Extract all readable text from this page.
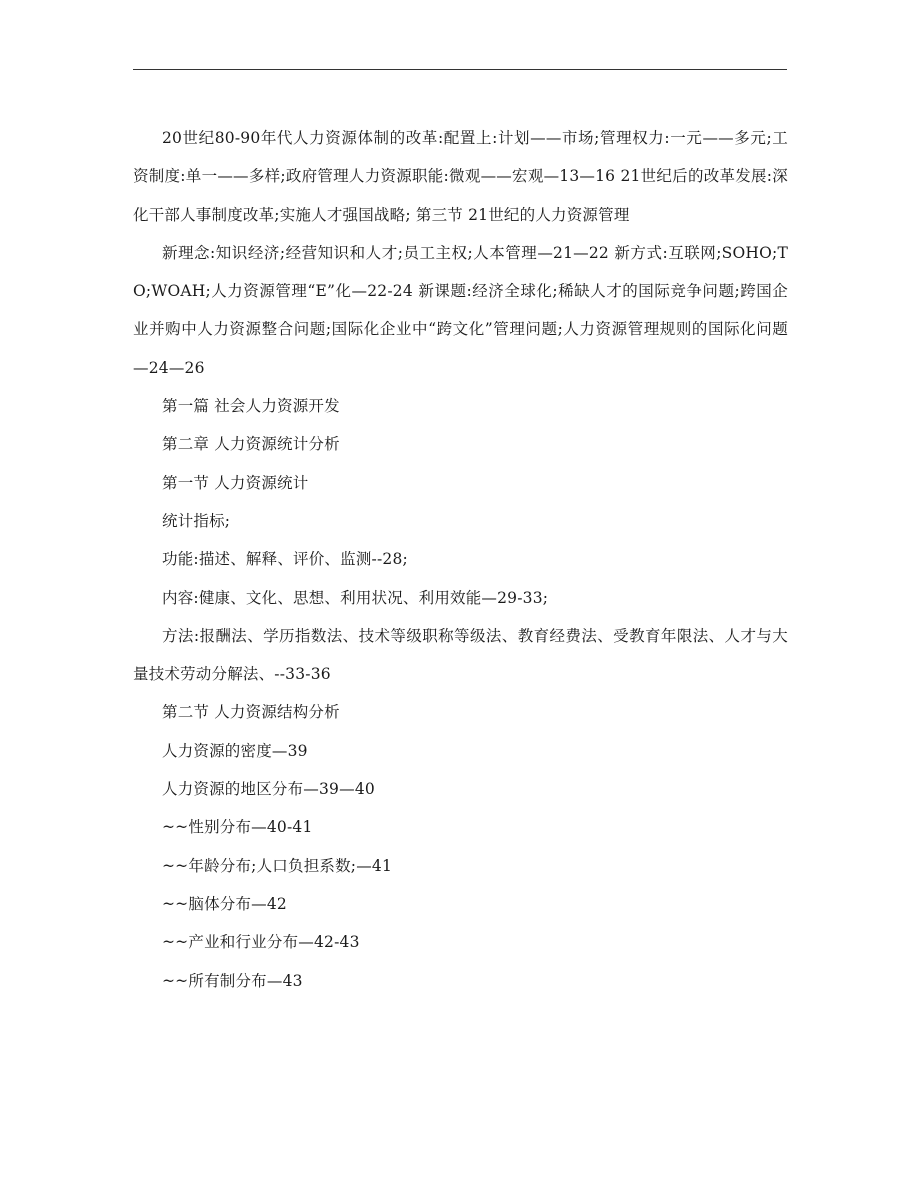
20世纪80-90年代人力资源体制的改革:配置上:计划——市场;管理权力:一元——多元;工资制度:单一——多样;政府管理人力资源职能:微观——宏观—13—16 21世纪后的改革发展:深化干部人事制度改革;实施人才强国战略; 第三节 21世纪的人力资源管理

新理念:知识经济;经营知识和人才;员工主权;人本管理—21—22 新方式:互联网;SOHO;TO;WOAH;人力资源管理“E”化—22-24 新课题:经济全球化;稀缺人才的国际竞争问题;跨国企业并购中人力资源整合问题;国际化企业中“跨文化”管理问题;人力资源管理规则的国际化问题—24—26

第一篇 社会人力资源开发

第二章 人力资源统计分析

第一节 人力资源统计

统计指标;

功能:描述、解释、评价、监测--28;

内容:健康、文化、思想、利用状况、利用效能—29-33;

方法:报酬法、学历指数法、技术等级职称等级法、教育经费法、受教育年限法、人才与大量技术劳动分解法、--33-36

第二节 人力资源结构分析

人力资源的密度—39

人力资源的地区分布—39—40

~~性别分布—40-41

~~年龄分布;人口负担系数;—41

~~脑体分布—42

~~产业和行业分布—42-43

~~所有制分布—43
